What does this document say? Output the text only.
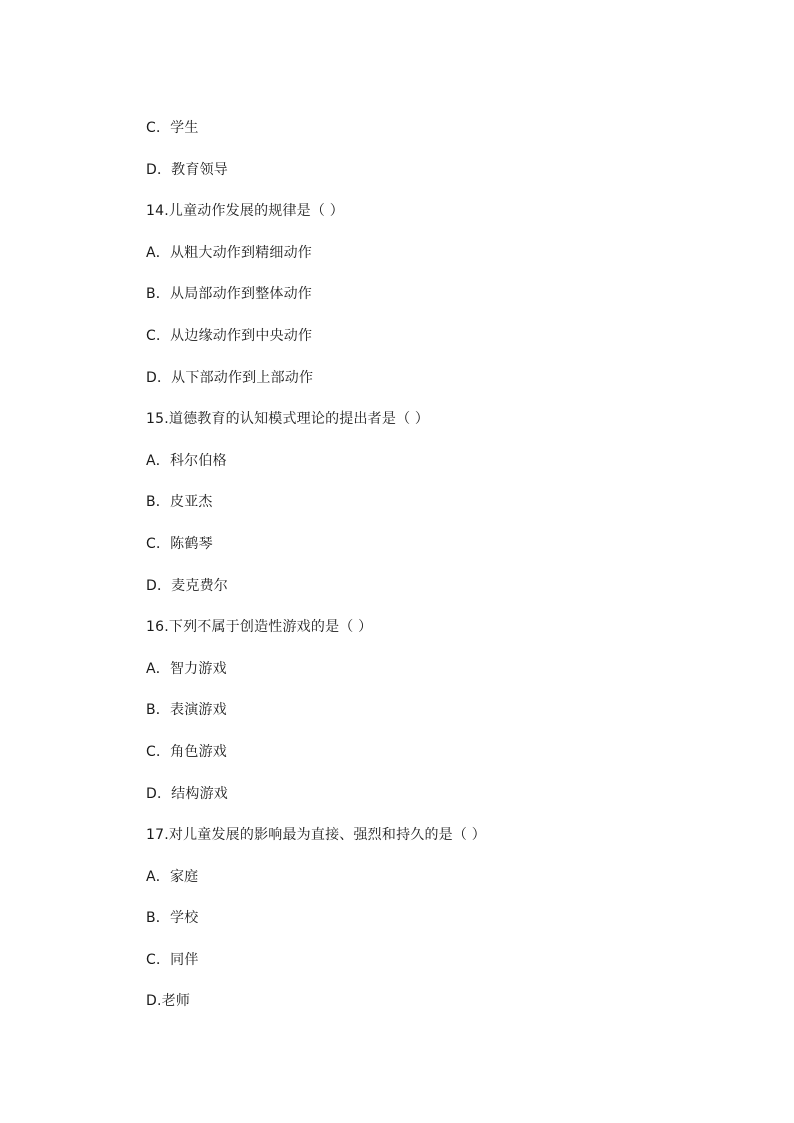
C．学生
D．教育领导
14.儿童动作发展的规律是（ ）
A．从粗大动作到精细动作
B．从局部动作到整体动作
C．从边缘动作到中央动作
D．从下部动作到上部动作
15.道德教育的认知模式理论的提出者是（ ）
A．科尔伯格
B．皮亚杰
C．陈鹤琴
D．麦克费尔
16.下列不属于创造性游戏的是（ ）
A．智力游戏
B．表演游戏
C．角色游戏
D．结构游戏
17.对儿童发展的影响最为直接、强烈和持久的是（ ）
A．家庭
B．学校
C．同伴
D.老师
